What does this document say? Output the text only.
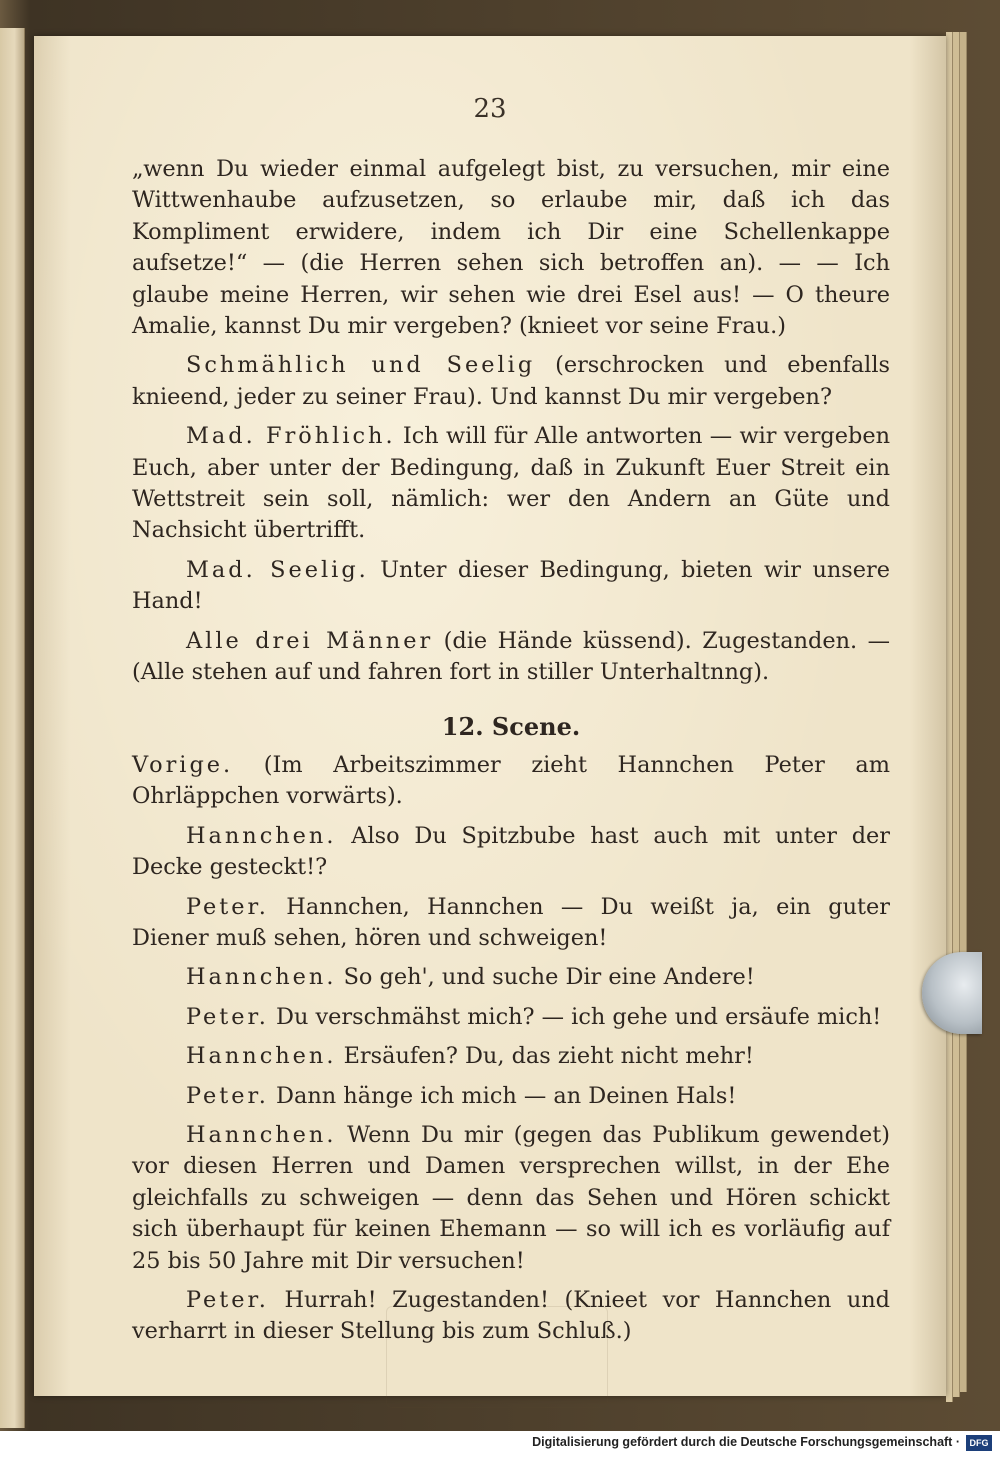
23

„wenn Du wieder einmal aufgelegt bist, zu versuchen, mir eine Wittwenhaube aufzusetzen, so erlaube mir, daß ich das Kompliment erwidere, indem ich Dir eine Schellenkappe aufsetze!“ — (die Herren sehen sich betroffen an). — — Ich glaube meine Herren, wir sehen wie drei Esel aus! — O theure Amalie, kannst Du mir vergeben? (knieet vor seine Frau.)

Schmählich und Seelig (erschrocken und ebenfalls knieend, jeder zu seiner Frau). Und kannst Du mir vergeben?

Mad. Fröhlich. Ich will für Alle antworten — wir vergeben Euch, aber unter der Bedingung, daß in Zukunft Euer Streit ein Wettstreit sein soll, nämlich: wer den Andern an Güte und Nachsicht übertrifft.

Mad. Seelig. Unter dieser Bedingung, bieten wir unsere Hand!

Alle drei Männer (die Hände küssend). Zugestanden. — (Alle stehen auf und fahren fort in stiller Unterhaltnng).

12. Scene.

Vorige. (Im Arbeitszimmer zieht Hannchen Peter am Ohrläppchen vorwärts).

Hannchen. Also Du Spitzbube hast auch mit unter der Decke gesteckt!?

Peter. Hannchen, Hannchen — Du weißt ja, ein guter Diener muß sehen, hören und schweigen!

Hannchen. So geh', und suche Dir eine Andere!

Peter. Du verschmähst mich? — ich gehe und ersäufe mich!

Hannchen. Ersäufen? Du, das zieht nicht mehr!

Peter. Dann hänge ich mich — an Deinen Hals!

Hannchen. Wenn Du mir (gegen das Publikum gewendet) vor diesen Herren und Damen versprechen willst, in der Ehe gleichfalls zu schweigen — denn das Sehen und Hören schickt sich überhaupt für keinen Ehemann — so will ich es vorläufig auf 25 bis 50 Jahre mit Dir versuchen!

Peter. Hurrah! Zugestanden! (Knieet vor Hannchen und verharrt in dieser Stellung bis zum Schluß.)

Digitalisierung gefördert durch die Deutsche Forschungsgemeinschaft ·	DFG
